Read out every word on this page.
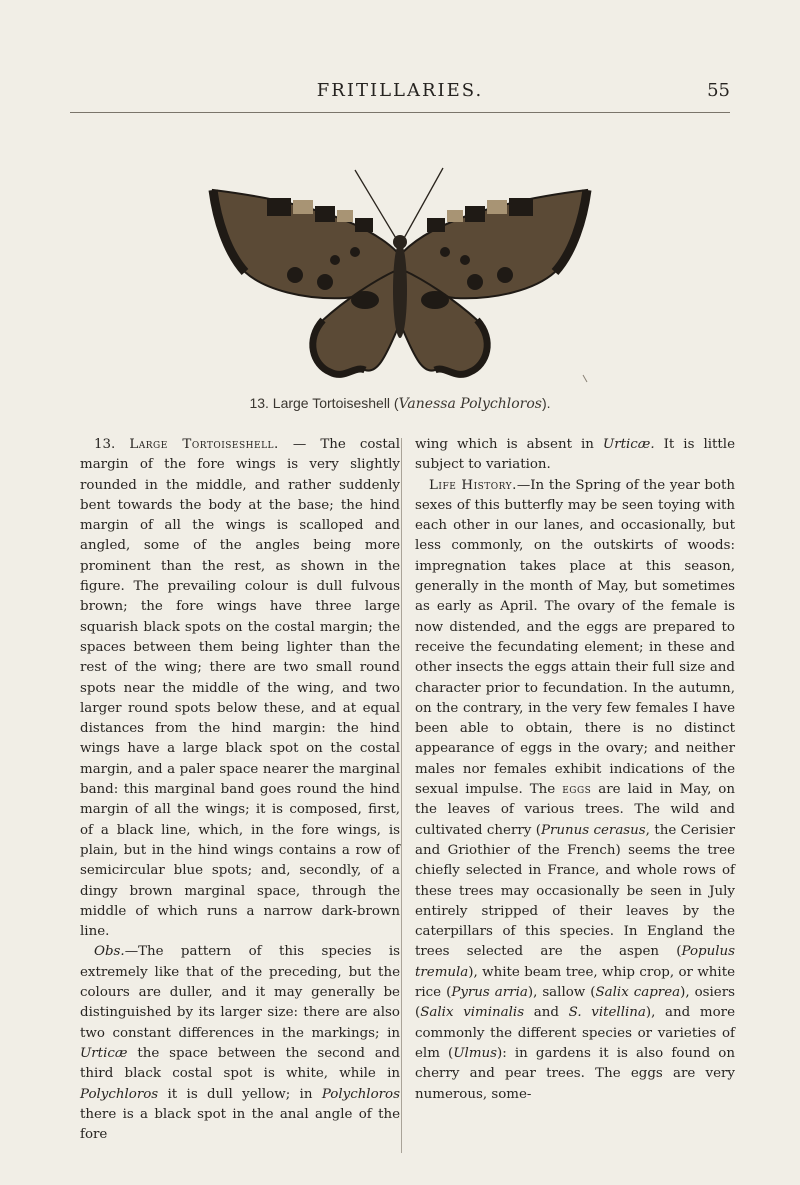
FRITILLARIES.	55
13. Large Tortoiseshell (Vanessa Polychloros).

13. Large Tortoiseshell. — The costal margin of the fore wings is very slightly rounded in the middle, and rather suddenly bent towards the body at the base; the hind margin of all the wings is scalloped and angled, some of the angles being more prominent than the rest, as shown in the figure. The prevailing colour is dull fulvous brown; the fore wings have three large squarish black spots on the costal margin; the spaces between them being lighter than the rest of the wing; there are two small round spots near the middle of the wing, and two larger round spots below these, and at equal distances from the hind margin: the hind wings have a large black spot on the costal margin, and a paler space nearer the marginal band: this marginal band goes round the hind margin of all the wings; it is composed, first, of a black line, which, in the fore wings, is plain, but in the hind wings contains a row of semicircular blue spots; and, secondly, of a dingy brown marginal space, through the middle of which runs a narrow dark-brown line.

Obs.—The pattern of this species is extremely like that of the preceding, but the colours are duller, and it may generally be distinguished by its larger size: there are also two constant differences in the markings; in Urticæ the space between the second and third black costal spot is white, while in Polychloros it is dull yellow; in Polychloros there is a black spot in the anal angle of the fore

wing which is absent in Urticæ. It is little subject to variation.

Life History.—In the Spring of the year both sexes of this butterfly may be seen toying with each other in our lanes, and occasionally, but less commonly, on the outskirts of woods: impregnation takes place at this season, generally in the month of May, but sometimes as early as April. The ovary of the female is now distended, and the eggs are prepared to receive the fecundating element; in these and other insects the eggs attain their full size and character prior to fecundation. In the autumn, on the contrary, in the very few females I have been able to obtain, there is no distinct appearance of eggs in the ovary; and neither males nor females exhibit indications of the sexual impulse. The eggs are laid in May, on the leaves of various trees. The wild and cultivated cherry (Prunus cerasus, the Cerisier and Griothier of the French) seems the tree chiefly selected in France, and whole rows of these trees may occasionally be seen in July entirely stripped of their leaves by the caterpillars of this species. In England the trees selected are the aspen (Populus tremula), white beam tree, whip crop, or white rice (Pyrus arria), sallow (Salix caprea), osiers (Salix viminalis and S. vitellina), and more commonly the different species or varieties of elm (Ulmus): in gardens it is also found on cherry and pear trees. The eggs are very numerous, some-
